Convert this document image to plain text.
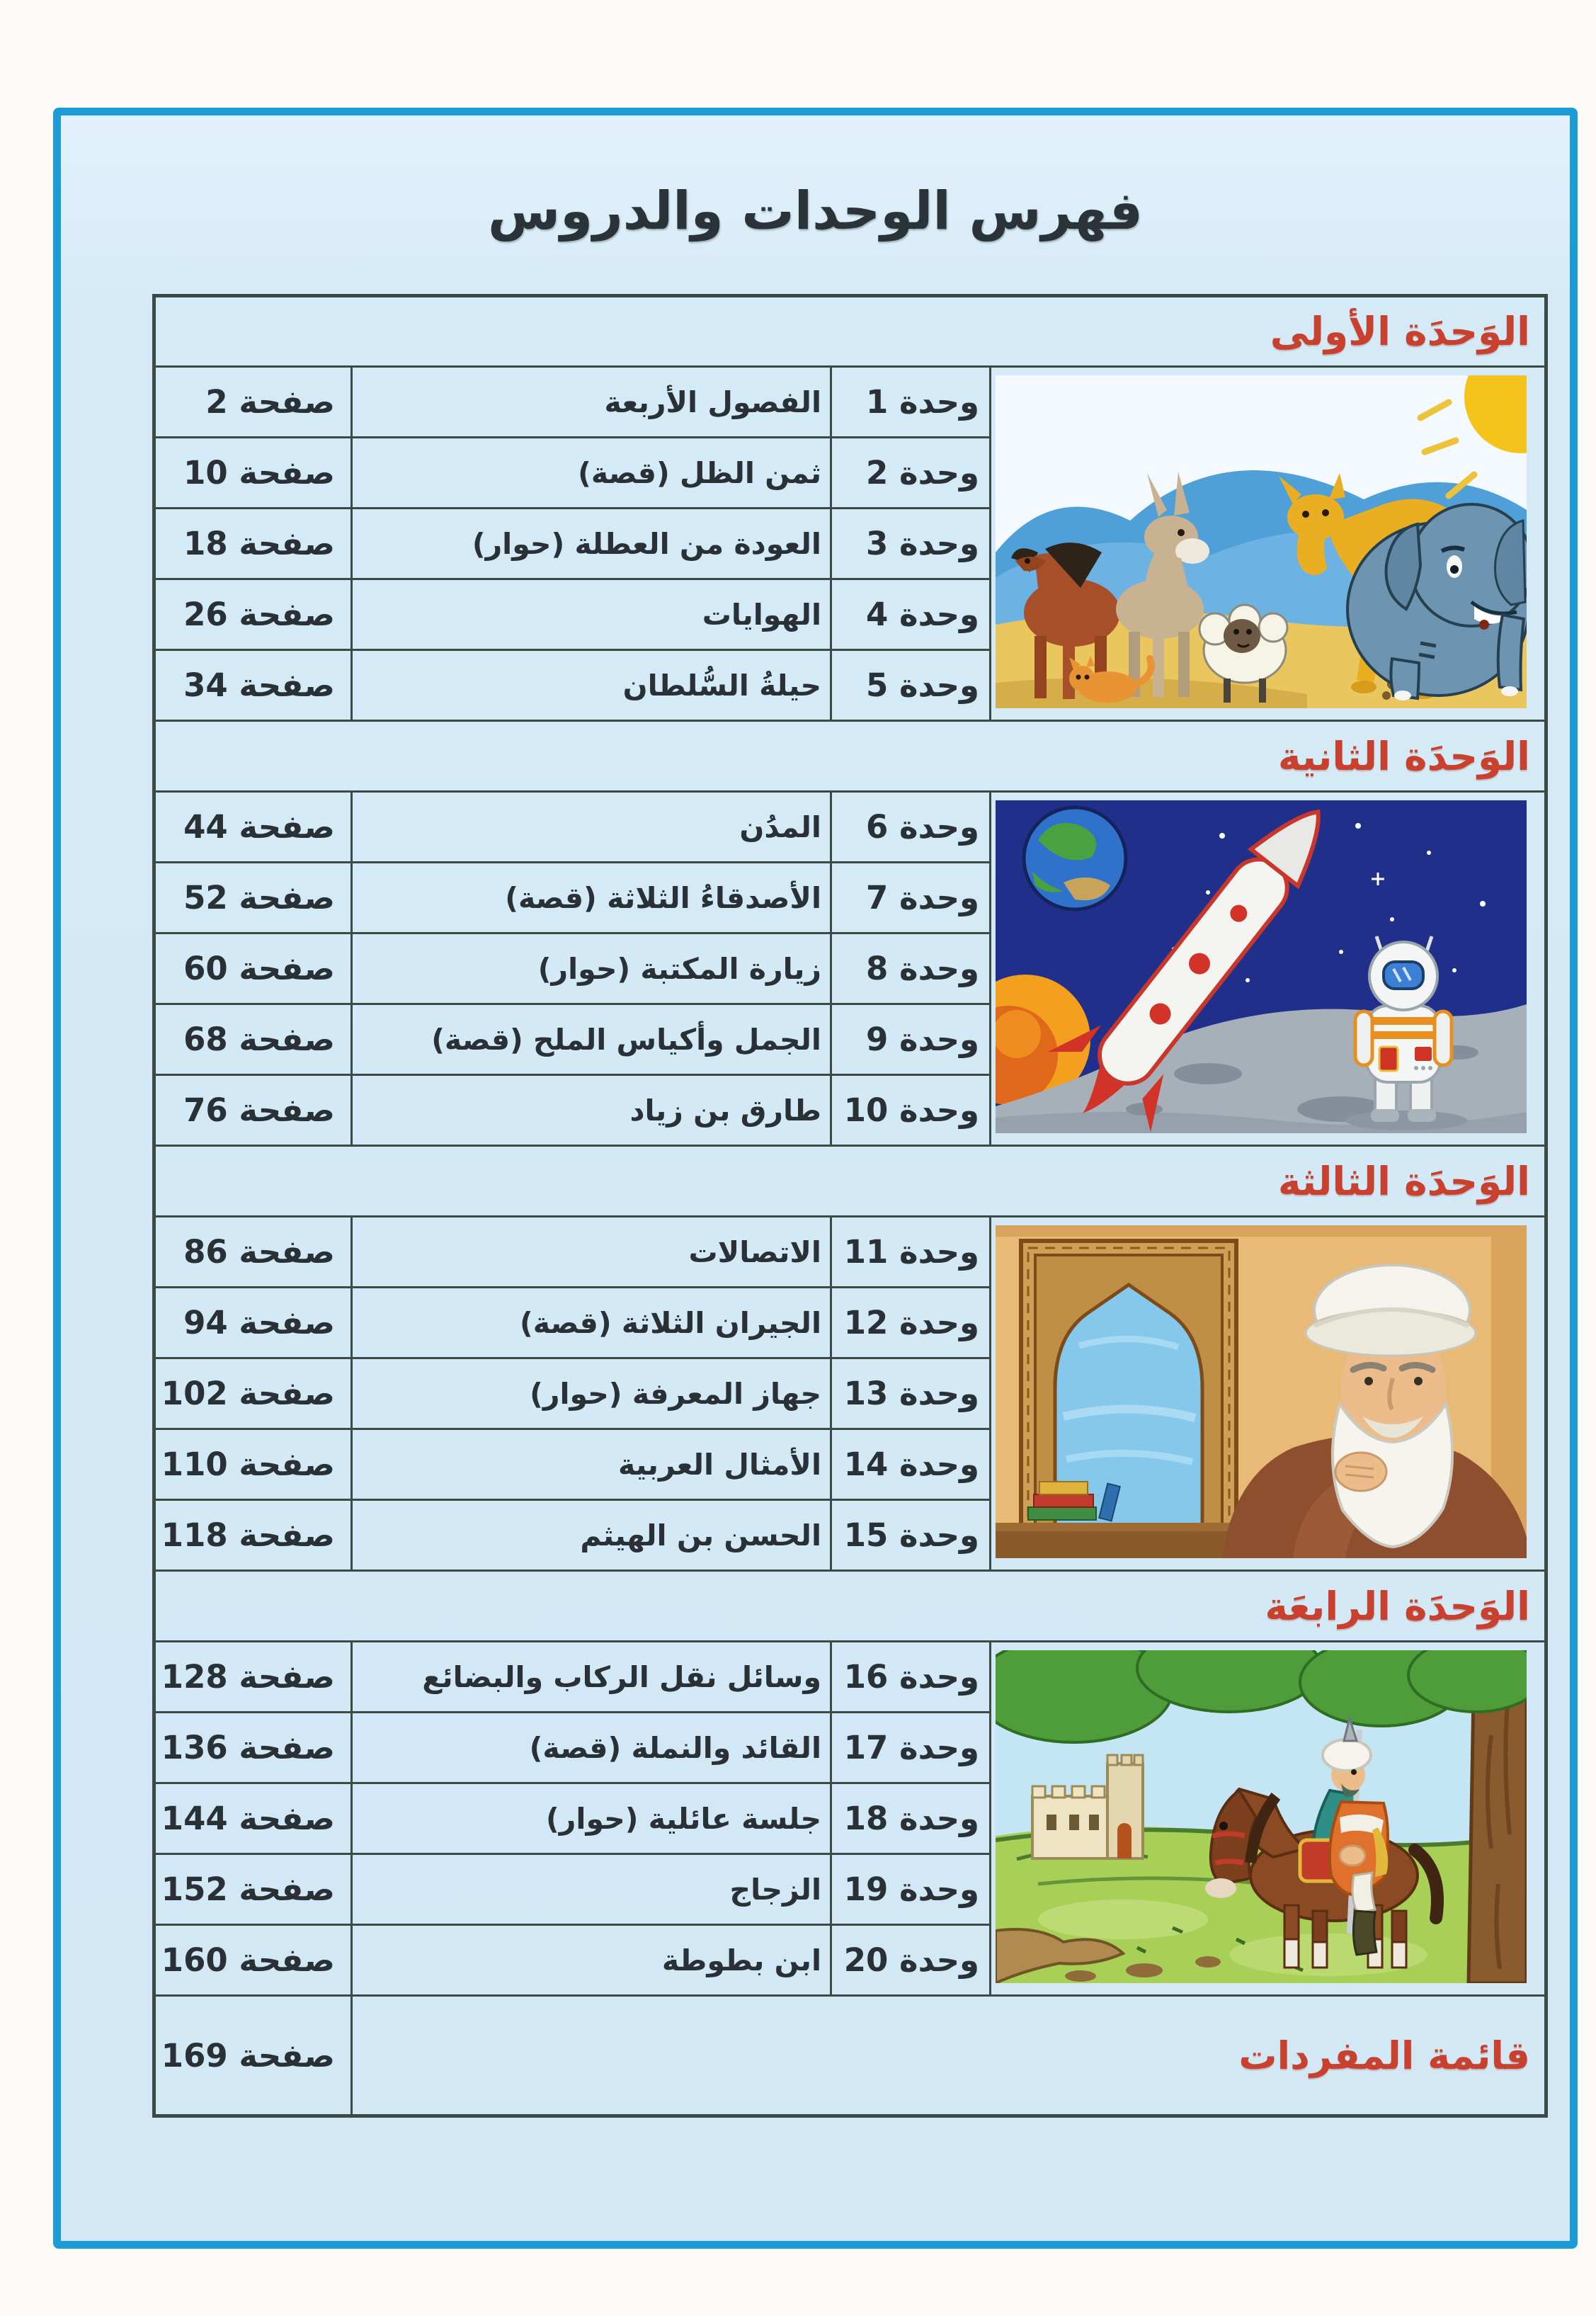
فهرس الوحدات والدروس
الوَحدَة الأولى			

	وحدة 1	الفصول الأربعة	صفحة 2
	وحدة 2	ثمن الظل (قصة)	صفحة 10
	وحدة 3	العودة من العطلة (حوار)	صفحة 18
	وحدة 4	الهوايات	صفحة 26
	وحدة 5	حيلةُ السُّلطان	صفحة 34
الوَحدَة الثانية			

	وحدة 6	المدُن	صفحة 44
	وحدة 7	الأصدقاءُ الثلاثة (قصة)	صفحة 52
	وحدة 8	زيارة المكتبة (حوار)	صفحة 60
	وحدة 9	الجمل وأكياس الملح (قصة)	صفحة 68
	وحدة 10	طارق بن زياد	صفحة 76
الوَحدَة الثالثة			

	وحدة 11	الاتصالات	صفحة 86
	وحدة 12	الجيران الثلاثة (قصة)	صفحة 94
	وحدة 13	جهاز المعرفة (حوار)	صفحة 102
	وحدة 14	الأمثال العربية	صفحة 110
	وحدة 15	الحسن بن الهيثم	صفحة 118
الوَحدَة الرابعَة			

	وحدة 16	وسائل نقل الركاب والبضائع	صفحة 128
	وحدة 17	القائد والنملة (قصة)	صفحة 136
	وحدة 18	جلسة عائلية (حوار)	صفحة 144
	وحدة 19	الزجاج	صفحة 152
	وحدة 20	ابن بطوطة	صفحة 160
قائمة المفردات			صفحة 169
